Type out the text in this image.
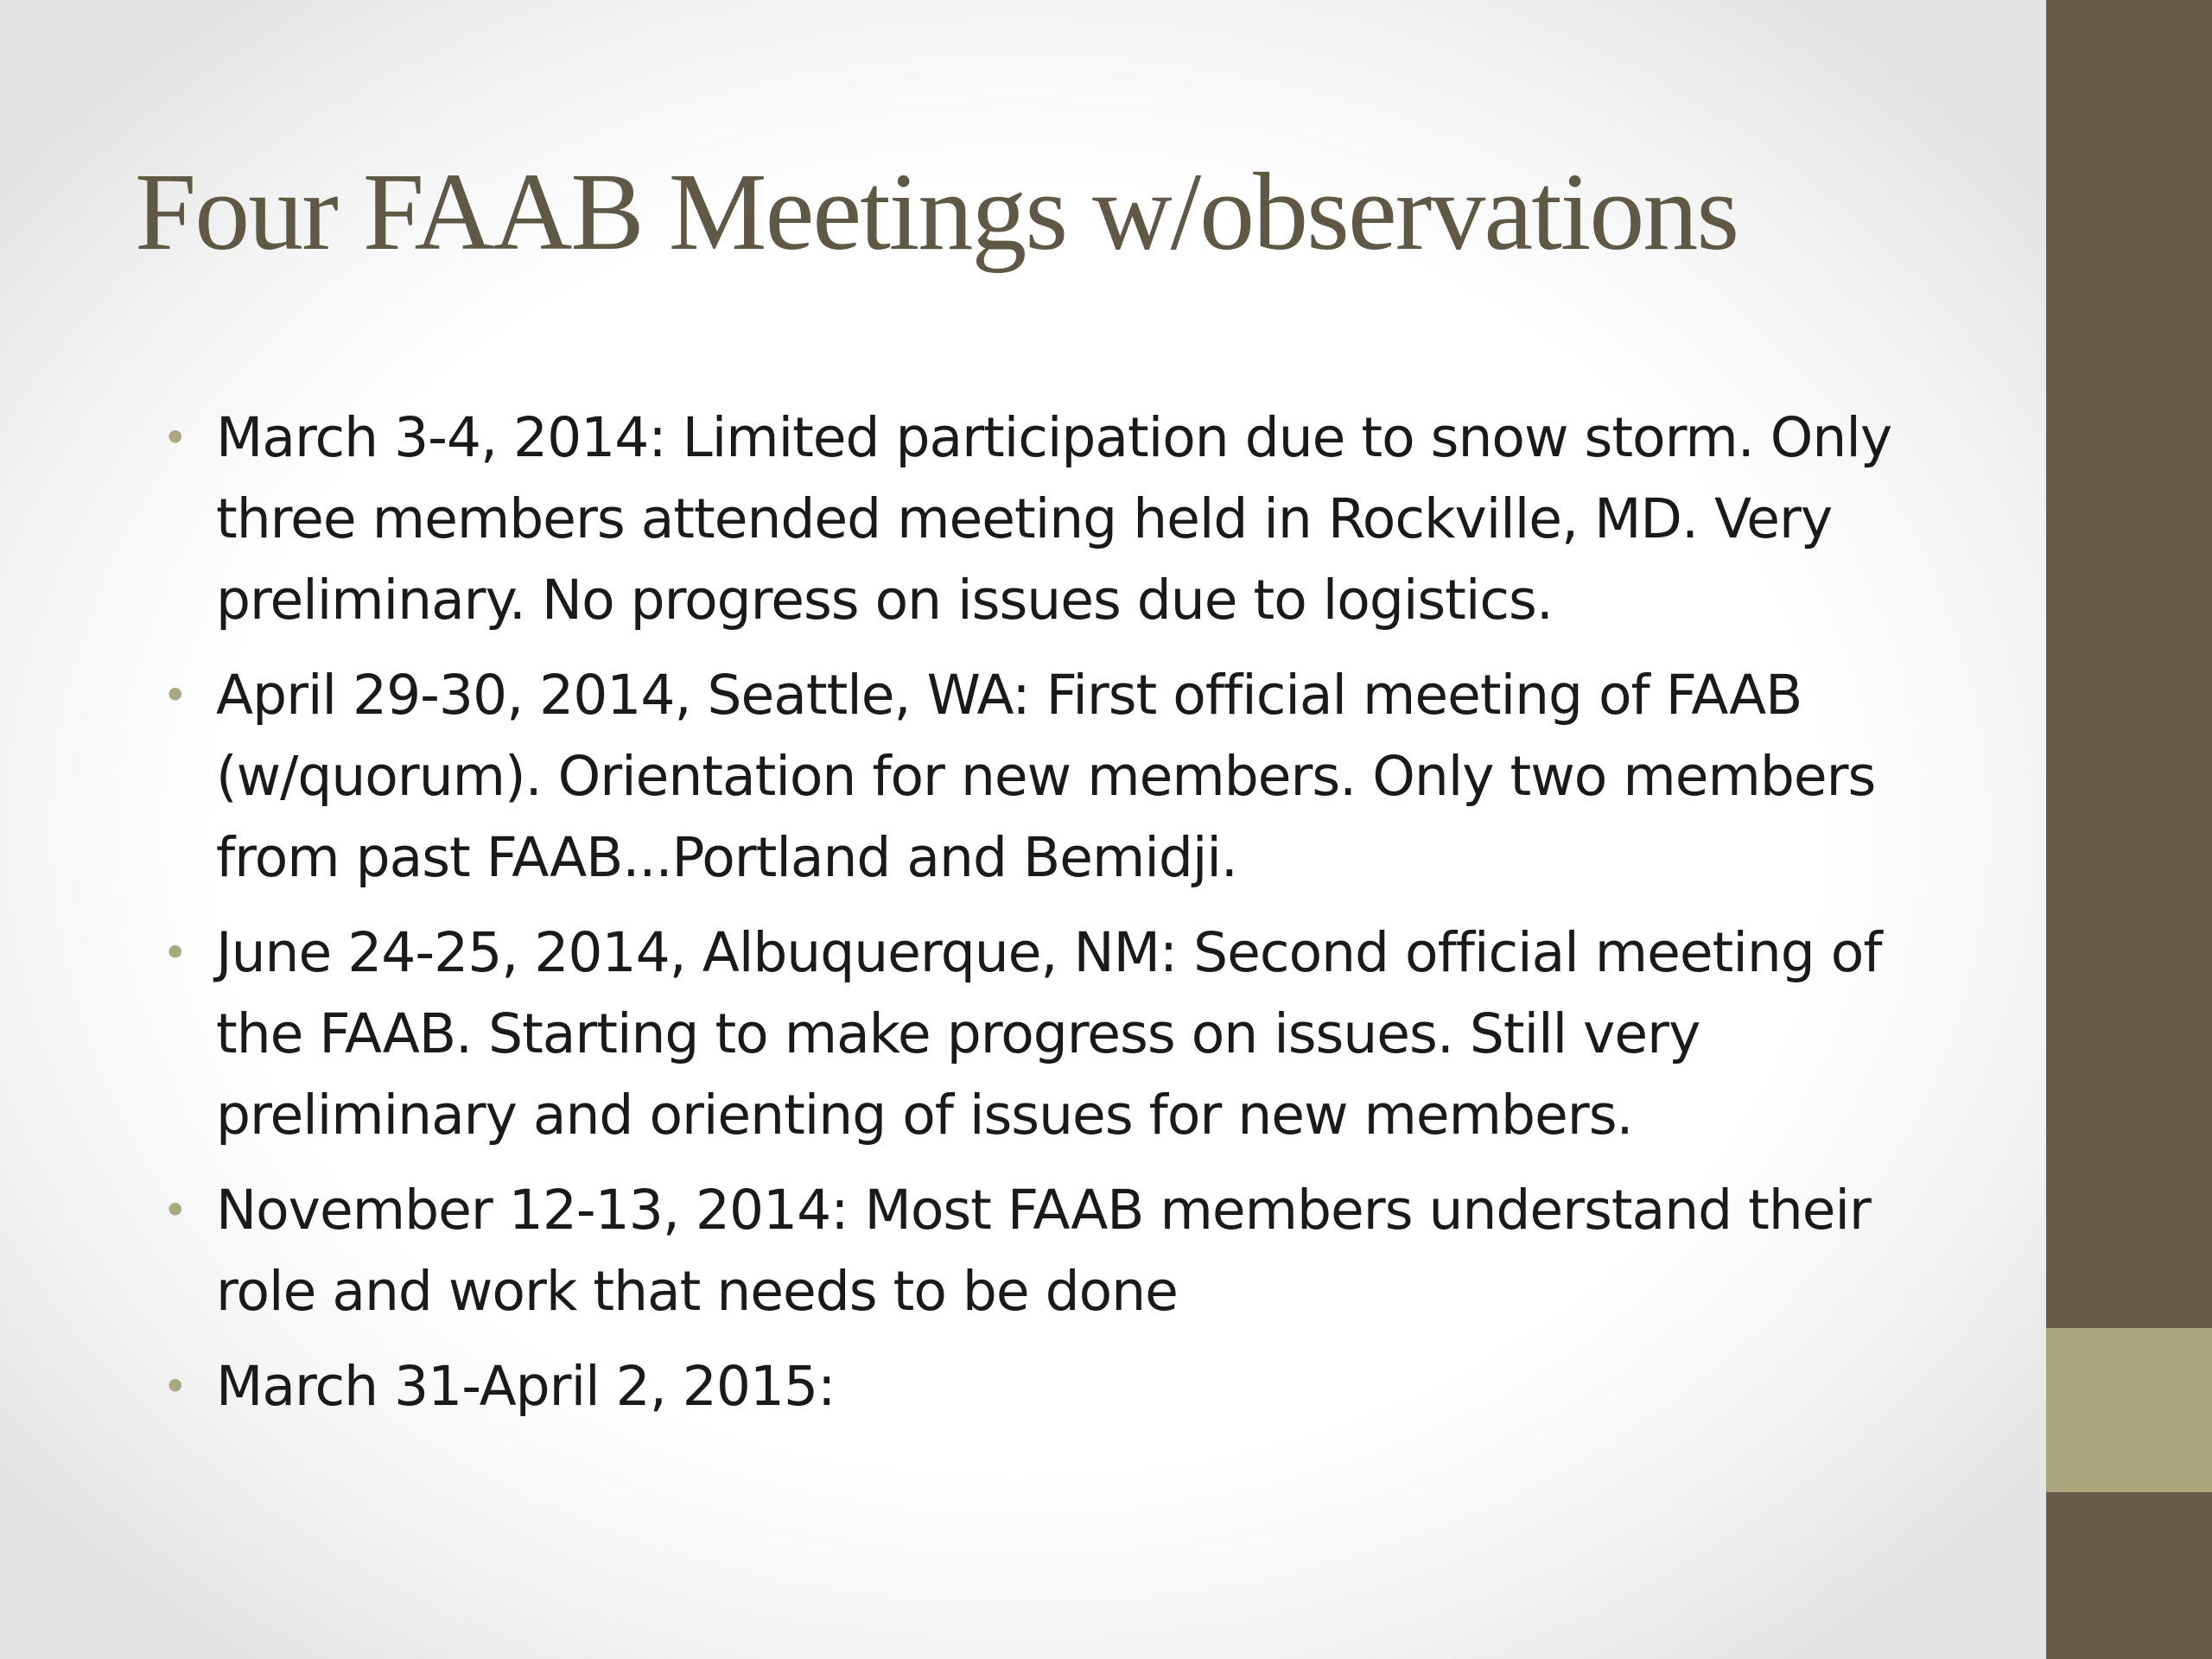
Four FAAB Meetings w/observations
• March 3-4, 2014: Limited participation due to snow storm. Only three members attended meeting held in Rockville, MD. Very preliminary. No progress on issues due to logistics.
• April 29-30, 2014, Seattle, WA: First official meeting of FAAB (w/quorum). Orientation for new members. Only two members from past FAAB...Portland and Bemidji.
• June 24-25, 2014, Albuquerque, NM: Second official meeting of the FAAB. Starting to make progress on issues. Still very preliminary and orienting of issues for new members.
• November 12-13, 2014: Most FAAB members understand their role and work that needs to be done
• March 31-April 2, 2015:
